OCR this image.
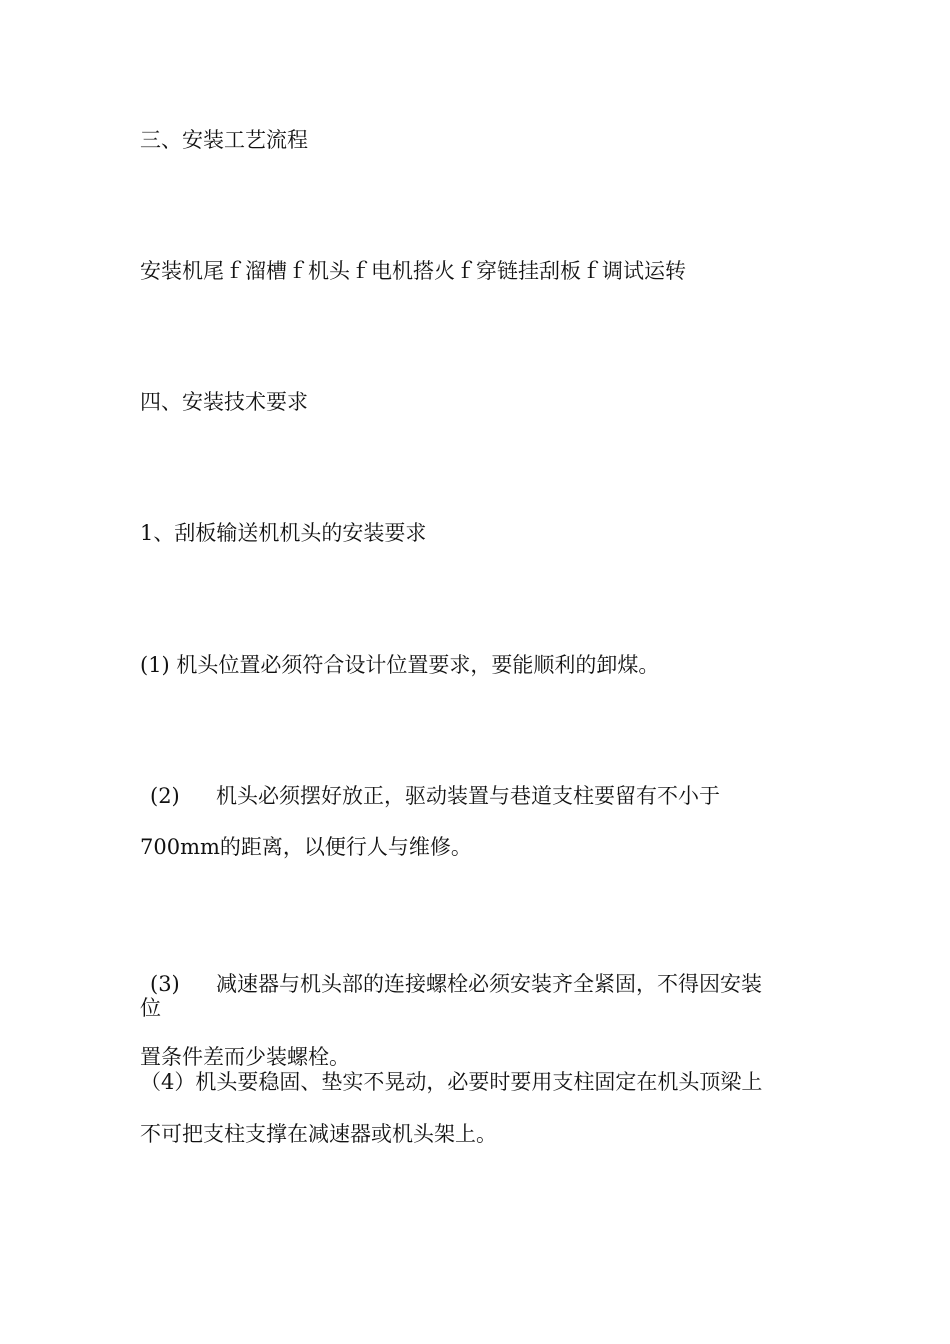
三、安装工艺流程
安装机尾ｆ溜槽ｆ机头ｆ电机搭火ｆ穿链挂刮板ｆ调试运转
四、安装技术要求
1、刮板输送机机头的安装要求
(1) 机头位置必须符合设计位置要求，要能顺利的卸煤。
(2) 机头必须摆好放正，驱动装置与巷道支柱要留有不小于
700mm的距离，以便行人与维修。
(3) 减速器与机头部的连接螺栓必须安装齐全紧固，不得因安装
位
置条件差而少装螺栓。
（4）机头要稳固、垫实不晃动，必要时要用支柱固定在机头顶梁上
不可把支柱支撑在减速器或机头架上。
